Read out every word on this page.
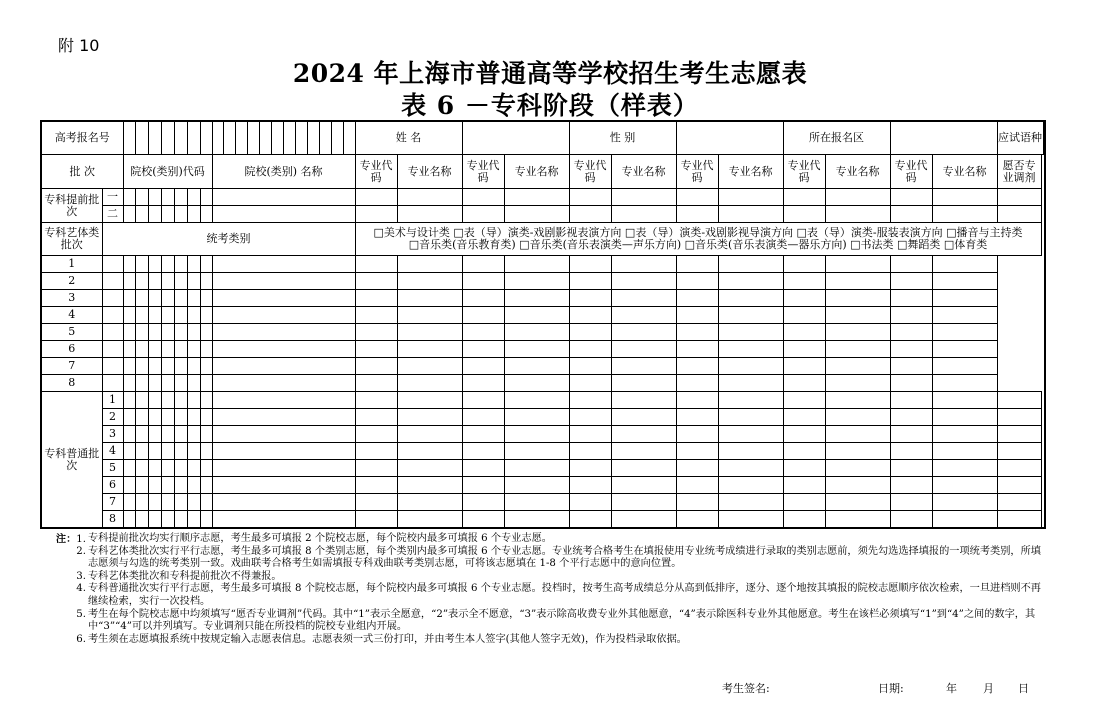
附 10
2024 年上海市普通高等学校招生考生志愿表
表 6 －专科阶段（样表）
高考报名号										姓 名				性 别				所在报名区				应试语种	
批 次		院校(类别)代码							院校(类别) 名称	专业代码	专业名称	专业代码	专业名称	专业代码	专业名称	专业代码	专业名称	专业代码	专业名称	专业代码	专业名称	愿否专业调剂	
专科提前批次	一																						
	二																						
专科艺体类批次	统考类别									□美术与设计类 □表（导）演类-戏剧影视表演方向 □表（导）演类-戏剧影视导演方向 □表（导）演类-服装表演方向 □播音与主持类
□音乐类(音乐教育类) □音乐类(音乐表演类—声乐方向) □音乐类(音乐表演类—器乐方向) □书法类 □舞蹈类 □体育类													

1																							
2																							
3																							
4																							
5																							
6																							
7																							
8																							
专科普通批次	1																						
	2																						
	3																						
	4																						
	5																						
	6																						
	7																						
	8																						
注：1. 专科提前批次均实行顺序志愿，考生最多可填报 2 个院校志愿，每个院校内最多可填报 6 个专业志愿。
2. 专科艺体类批次实行平行志愿，考生最多可填报 8 个类别志愿，每个类别内最多可填报 6 个专业志愿。专业统考合格考生在填报使用专业统考成绩进行录取的类别志愿前，须先勾选选择填报的一项统考类别，所填志愿须与勾选的统考类别一致。戏曲联考合格考生如需填报专科戏曲联考类别志愿，可将该志愿填在 1-8 个平行志愿中的意向位置。
3. 专科艺体类批次和专科提前批次不得兼报。
4. 专科普通批次实行平行志愿，考生最多可填报 8 个院校志愿，每个院校内最多可填报 6 个专业志愿。投档时，按考生高考成绩总分从高到低排序，逐分、逐个地按其填报的院校志愿顺序依次检索，一旦进档则不再继续检索，实行一次投档。
5. 考生在每个院校志愿中均须填写“愿否专业调剂”代码。其中“1”表示全愿意，“2”表示全不愿意，“3”表示除高收费专业外其他愿意，“4”表示除医科专业外其他愿意。考生在该栏必须填写“1”到“4”之间的数字，其中“3”“4”可以并列填写。专业调剂只能在所投档的院校专业组内开展。
6. 考生须在志愿填报系统中按规定输入志愿表信息。志愿表须一式三份打印，并由考生本人签字(其他人签字无效)，作为投档录取依据。
考生签名:	日期:	年 月 日
